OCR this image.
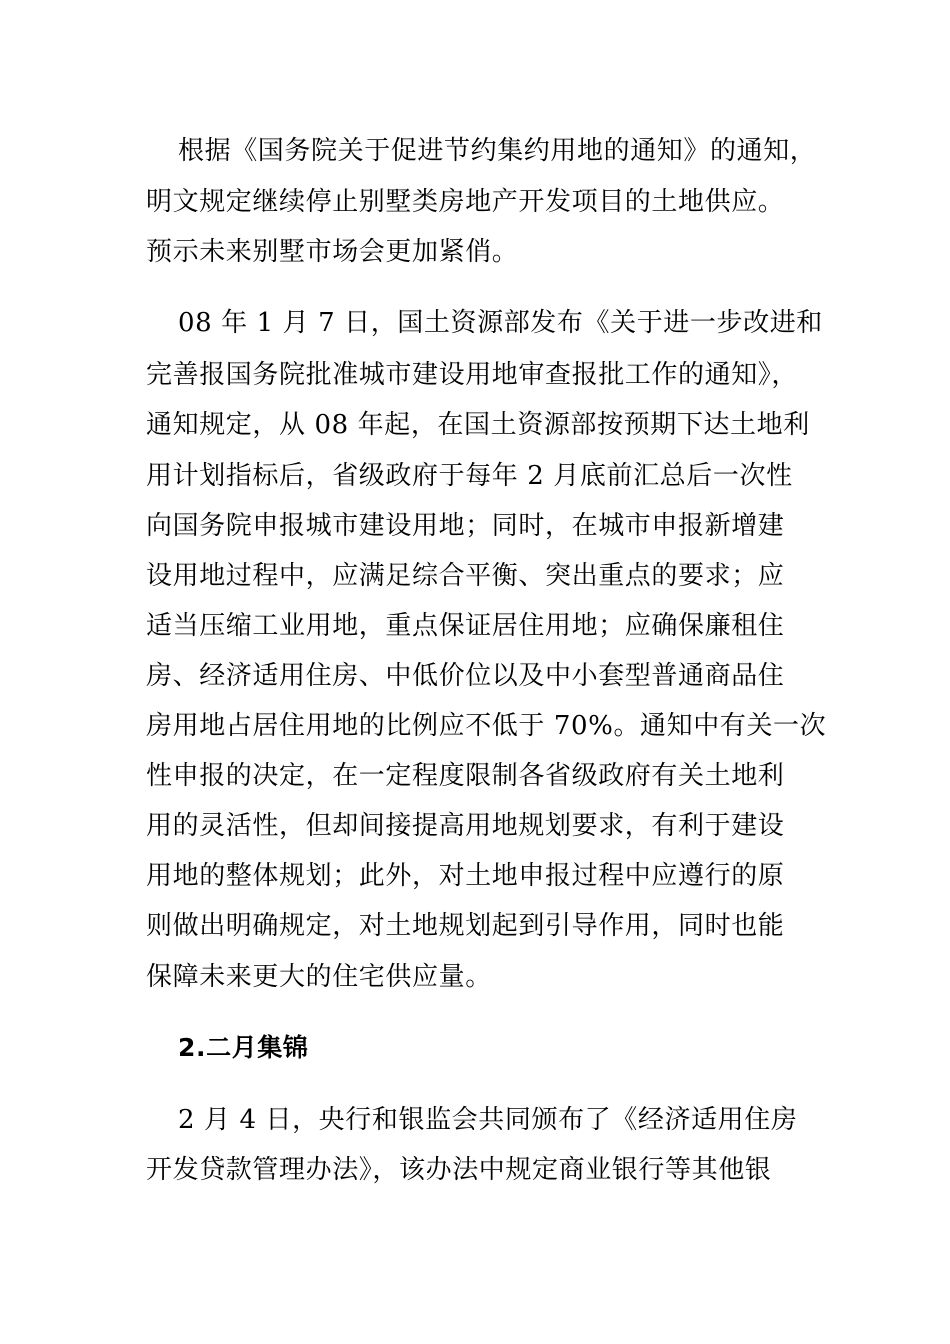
根据《国务院关于促进节约集约用地的通知》的通知，
明文规定继续停止别墅类房地产开发项目的土地供应。
预示未来别墅市场会更加紧俏。
08 年 1 月 7 日，国土资源部发布《关于进一步改进和
完善报国务院批准城市建设用地审查报批工作的通知》，
通知规定，从 08 年起，在国土资源部按预期下达土地利
用计划指标后，省级政府于每年 2 月底前汇总后一次性
向国务院申报城市建设用地；同时，在城市申报新增建
设用地过程中，应满足综合平衡、突出重点的要求；应
适当压缩工业用地，重点保证居住用地；应确保廉租住
房、经济适用住房、中低价位以及中小套型普通商品住
房用地占居住用地的比例应不低于 70%。通知中有关一次
性申报的决定，在一定程度限制各省级政府有关土地利
用的灵活性，但却间接提高用地规划要求，有利于建设
用地的整体规划；此外，对土地申报过程中应遵行的原
则做出明确规定，对土地规划起到引导作用，同时也能
保障未来更大的住宅供应量。
2.二月集锦
2 月 4 日，央行和银监会共同颁布了《经济适用住房
开发贷款管理办法》，该办法中规定商业银行等其他银
